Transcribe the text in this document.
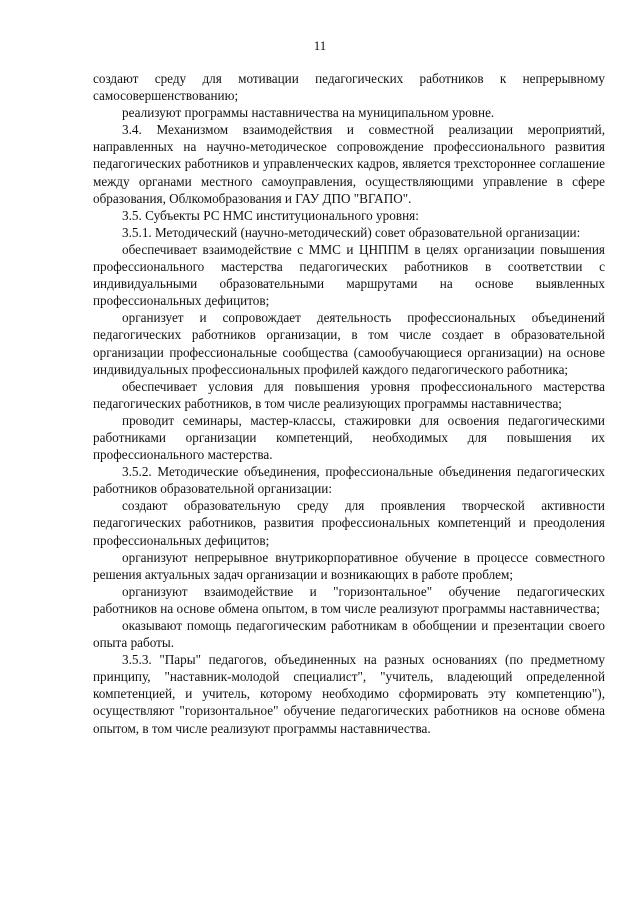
11

создают среду для мотивации педагогических работников к непрерывному самосовершенствованию;

реализуют программы наставничества на муниципальном уровне.

3.4. Механизмом взаимодействия и совместной реализации мероприятий, направленных на научно-методическое сопровождение профессионального развития педагогических работников и управленческих кадров, является трехстороннее соглашение между органами местного самоуправления, осуществляющими управление в сфере образования, Облкомобразования и ГАУ ДПО "ВГАПО".

3.5. Субъекты РС НМС институционального уровня:

3.5.1. Методический (научно-методический) совет образовательной организации:

обеспечивает взаимодействие с ММС и ЦНППМ в целях организации повышения профессионального мастерства педагогических работников в соответствии с индивидуальными образовательными маршрутами на основе выявленных профессиональных дефицитов;

организует и сопровождает деятельность профессиональных объединений педагогических работников организации, в том числе создает в образовательной организации профессиональные сообщества (самообучающиеся организации) на основе индивидуальных профессиональных профилей каждого педагогического работника;

обеспечивает условия для повышения уровня профессионального мастерства педагогических работников, в том числе реализующих программы наставничества;

проводит семинары, мастер-классы, стажировки для освоения педагогическими работниками организации компетенций, необходимых для повышения их профессионального мастерства.

3.5.2. Методические объединения, профессиональные объединения педагогических работников образовательной организации:

создают образовательную среду для проявления творческой активности педагогических работников, развития профессиональных компетенций и преодоления профессиональных дефицитов;

организуют непрерывное внутрикорпоративное обучение в процессе совместного решения актуальных задач организации и возникающих в работе проблем;

организуют взаимодействие и "горизонтальное" обучение педагогических работников на основе обмена опытом, в том числе реализуют программы наставничества;

оказывают помощь педагогическим работникам в обобщении и презентации своего опыта работы.

3.5.3. "Пары" педагогов, объединенных на разных основаниях (по предметному принципу, "наставник-молодой специалист", "учитель, владеющий определенной компетенцией, и учитель, которому необходимо сформировать эту компетенцию"), осуществляют "горизонтальное" обучение педагогических работников на основе обмена опытом, в том числе реализуют программы наставничества.
